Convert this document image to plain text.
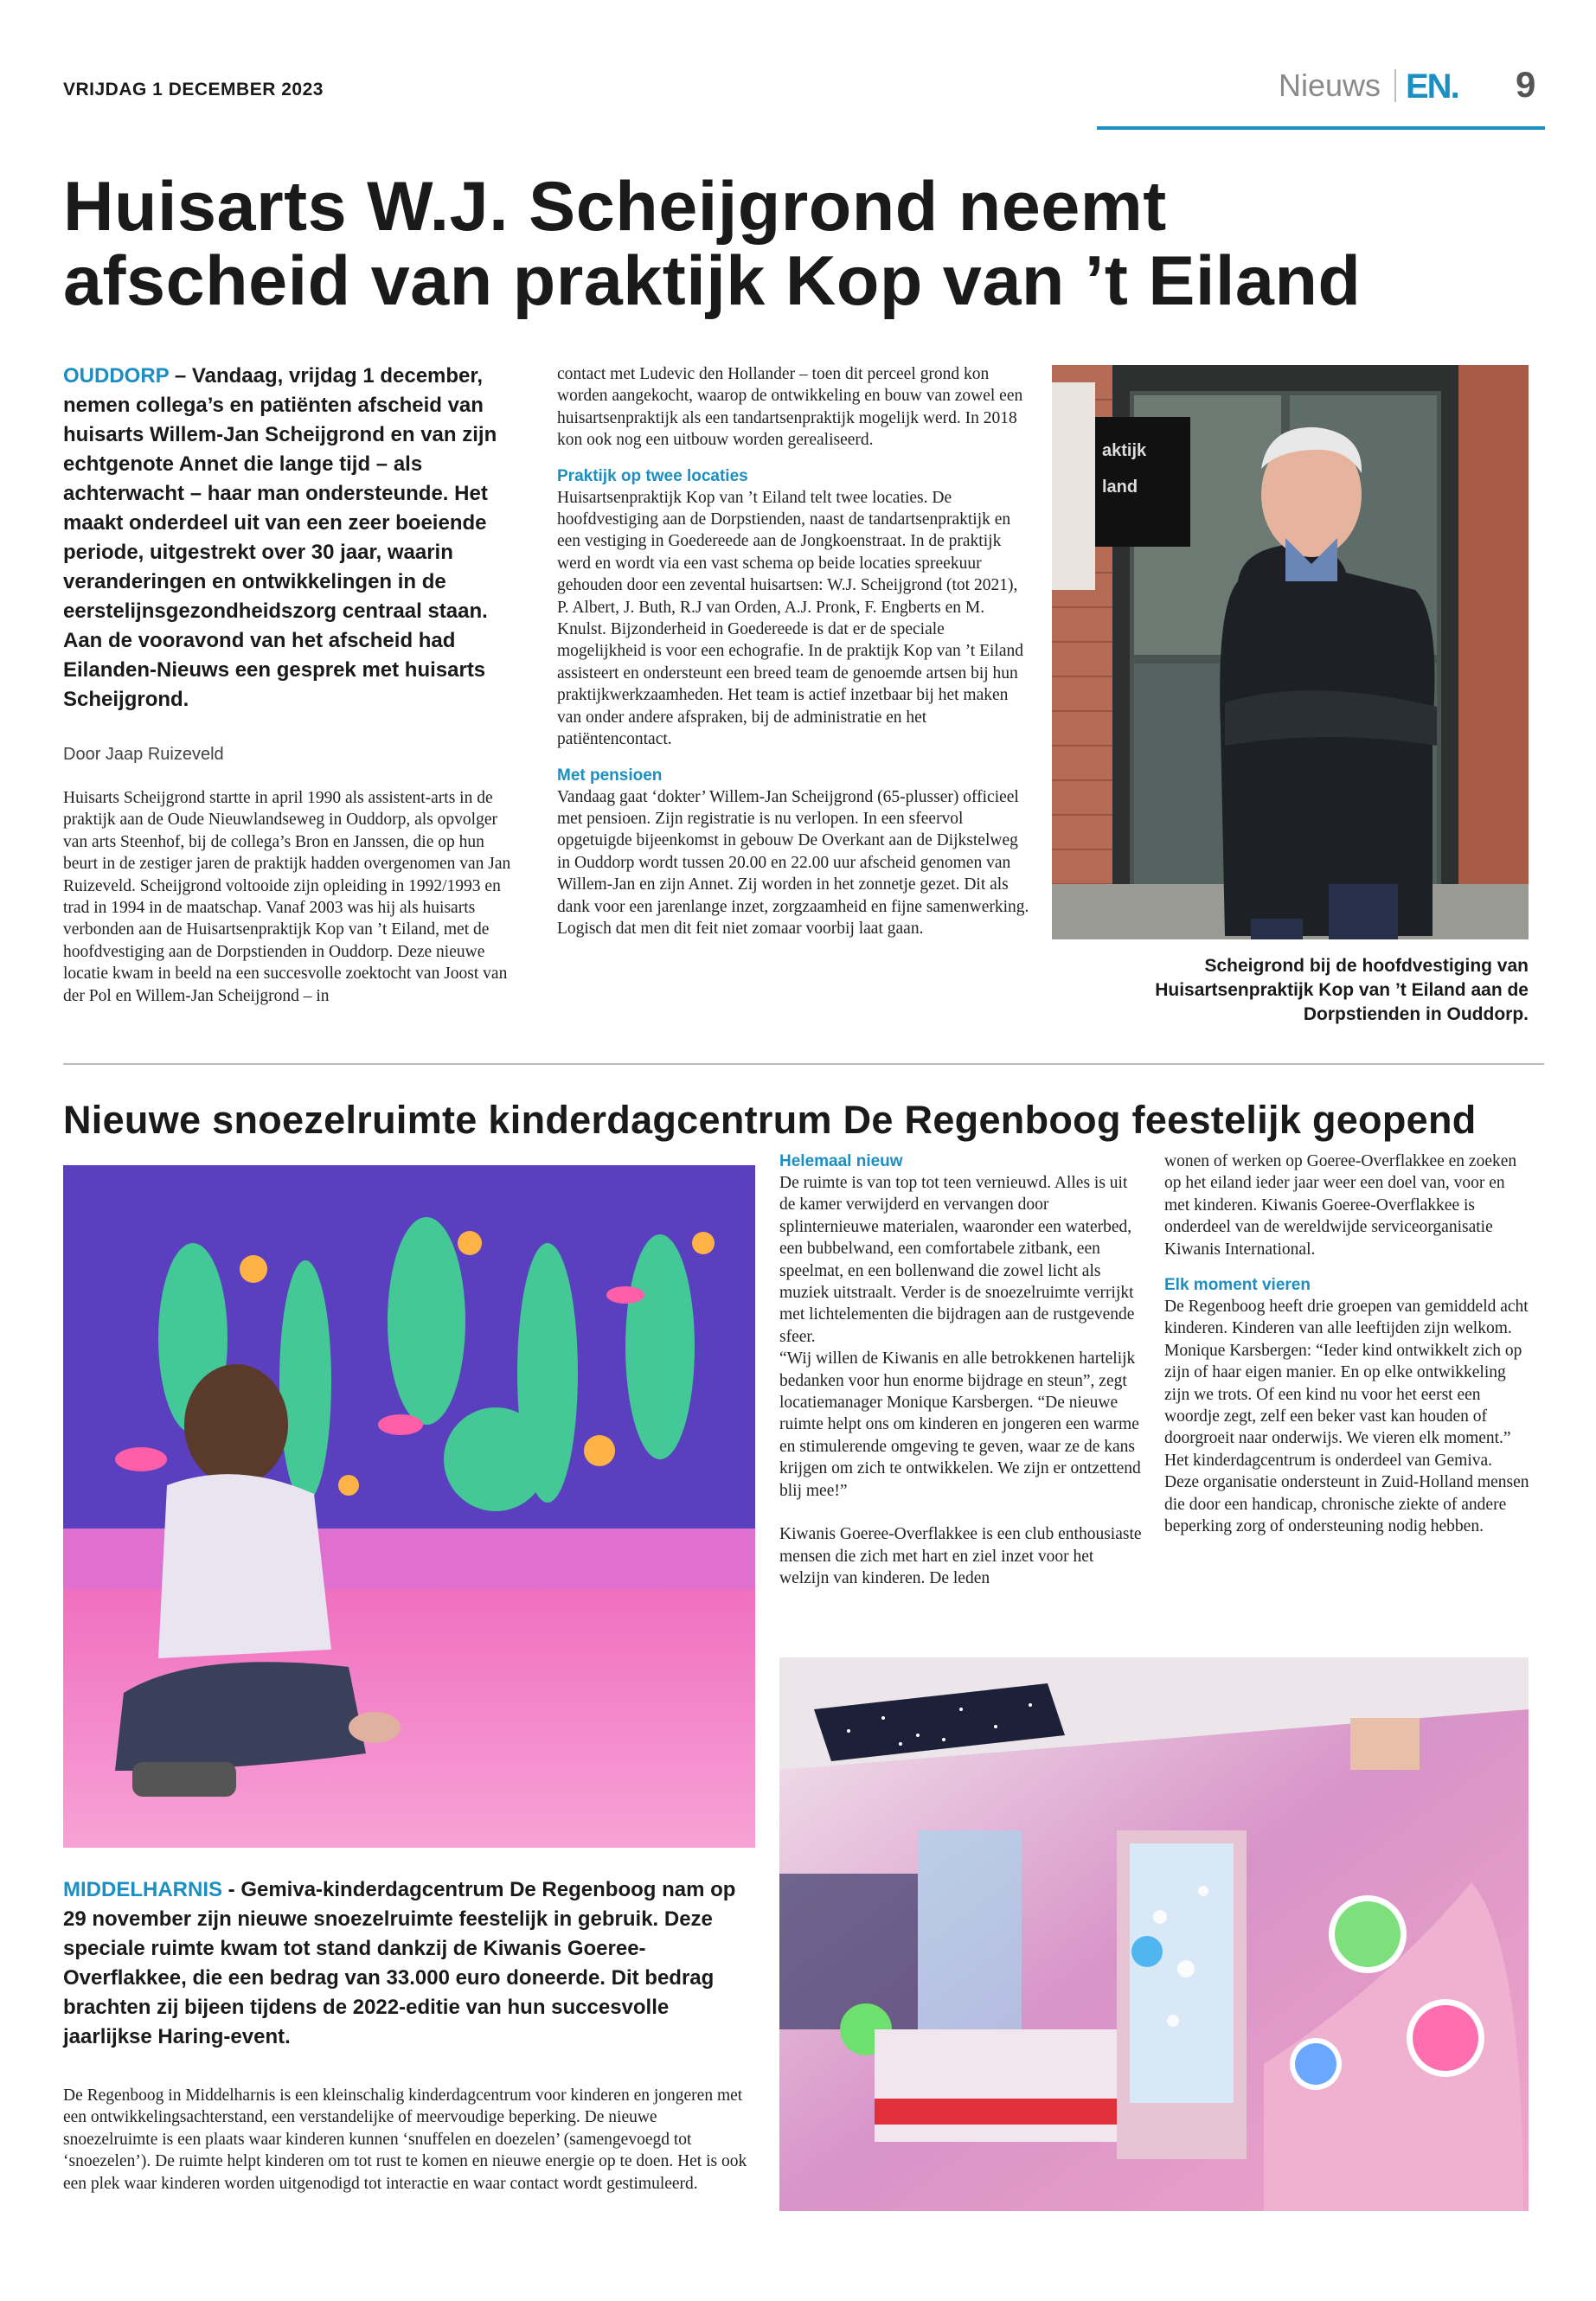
VRIJDAG 1 DECEMBER 2023	Nieuws EN. 9
Huisarts W.J. Scheijgrond neemt
afscheid van praktijk Kop van ’t Eiland
OUDDORP – Vandaag, vrijdag 1 december, nemen collega’s en patiënten afscheid van huisarts Willem-Jan Scheijgrond en van zijn echtgenote Annet die lange tijd – als achterwacht – haar man ondersteunde. Het maakt onderdeel uit van een zeer boeiende periode, uitgestrekt over 30 jaar, waarin veranderingen en ontwikkelingen in de eerstelijnsgezondheidszorg centraal staan. Aan de vooravond van het afscheid had Eilanden-Nieuws een gesprek met huisarts Scheijgrond.
Door Jaap Ruizeveld

Huisarts Scheijgrond startte in april 1990 als assistent-arts in de praktijk aan de Oude Nieuwlandseweg in Ouddorp, als opvolger van arts Steenhof, bij de collega’s Bron en Janssen, die op hun beurt in de zestiger jaren de praktijk hadden overgenomen van Jan Ruizeveld. Scheijgrond voltooide zijn opleiding in 1992/1993 en trad in 1994 in de maatschap. Vanaf 2003 was hij als huisarts verbonden aan de Huisartsenpraktijk Kop van ’t Eiland, met de hoofdvestiging aan de Dorpstienden in Ouddorp. Deze nieuwe locatie kwam in beeld na een succesvolle zoektocht van Joost van der Pol en Willem-Jan Scheijgrond – in

contact met Ludevic den Hollander – toen dit perceel grond kon worden aangekocht, waarop de ontwikkeling en bouw van zowel een huisartsenpraktijk als een tandartsenpraktijk mogelijk werd. In 2018 kon ook nog een uitbouw worden gerealiseerd.

Praktijk op twee locaties

Huisartsenpraktijk Kop van ’t Eiland telt twee locaties. De hoofdvestiging aan de Dorpstienden, naast de tandartsenpraktijk en een vestiging in Goedereede aan de Jongkoenstraat. In de praktijk werd en wordt via een vast schema op beide locaties spreekuur gehouden door een zevental huisartsen: W.J. Scheijgrond (tot 2021), P. Albert, J. Buth, R.J van Orden, A.J. Pronk, F. Engberts en M. Knulst. Bijzonderheid in Goedereede is dat er de speciale mogelijkheid is voor een echografie. In de praktijk Kop van ’t Eiland assisteert en ondersteunt een breed team de genoemde artsen bij hun praktijkwerkzaamheden. Het team is actief inzetbaar bij het maken van onder andere afspraken, bij de administratie en het patiëntencontact.

Met pensioen

Vandaag gaat ‘dokter’ Willem-Jan Scheijgrond (65-plusser) officieel met pensioen. Zijn registratie is nu verlopen. In een sfeervol opgetuigde bijeenkomst in gebouw De Overkant aan de Dijkstelweg in Ouddorp wordt tussen 20.00 en 22.00 uur afscheid genomen van Willem-Jan en zijn Annet. Zij worden in het zonnetje gezet. Dit als dank voor een jarenlange inzet, zorgzaamheid en fijne samenwerking. Logisch dat men dit feit niet zomaar voorbij laat gaan.

aktijk
land
Scheigrond bij de hoofdvestiging van Huisartsenpraktijk Kop van ’t Eiland aan de Dorpstienden in Ouddorp.
Nieuwe snoezelruimte kinderdagcentrum De Regenboog feestelijk geopend
MIDDELHARNIS - Gemiva-kinderdagcentrum De Regenboog nam op 29 november zijn nieuwe snoezelruimte feestelijk in gebruik. Deze speciale ruimte kwam tot stand dankzij de Kiwanis Goeree-Overflakkee, die een bedrag van 33.000 euro doneerde. Dit bedrag brachten zij bijeen tijdens de 2022-editie van hun succesvolle jaarlijkse Haring-event.

De Regenboog in Middelharnis is een kleinschalig kinderdagcentrum voor kinderen en jongeren met een ontwikkelingsachterstand, een verstandelijke of meervoudige beperking. De nieuwe snoezelruimte is een plaats waar kinderen kunnen ‘snuffelen en doezelen’ (samengevoegd tot ‘snoezelen’). De ruimte helpt kinderen om tot rust te komen en nieuwe energie op te doen. Het is ook een plek waar kinderen worden uitgenodigd tot interactie en waar contact wordt gestimuleerd.

Helemaal nieuw

De ruimte is van top tot teen vernieuwd. Alles is uit de kamer verwijderd en vervangen door splinternieuwe materialen, waaronder een waterbed, een bubbelwand, een comfortabele zitbank, een speelmat, en een bollenwand die zowel licht als muziek uitstraalt. Verder is de snoezelruimte verrijkt met lichtelementen die bijdragen aan de rustgevende sfeer.

“Wij willen de Kiwanis en alle betrokkenen hartelijk bedanken voor hun enorme bijdrage en steun”, zegt locatiemanager Monique Karsbergen. “De nieuwe ruimte helpt ons om kinderen en jongeren een warme en stimulerende omgeving te geven, waar ze de kans krijgen om zich te ontwikkelen. We zijn er ontzettend blij mee!”

Kiwanis Goeree-Overflakkee is een club enthousiaste mensen die zich met hart en ziel inzet voor het welzijn van kinderen. De leden

wonen of werken op Goeree-Overflakkee en zoeken op het eiland ieder jaar weer een doel van, voor en met kinderen. Kiwanis Goeree-Overflakkee is onderdeel van de wereldwijde serviceorganisatie Kiwanis International.

Elk moment vieren

De Regenboog heeft drie groepen van gemiddeld acht kinderen. Kinderen van alle leeftijden zijn welkom. Monique Karsbergen: “Ieder kind ontwikkelt zich op zijn of haar eigen manier. En op elke ontwikkeling zijn we trots. Of een kind nu voor het eerst een woordje zegt, zelf een beker vast kan houden of doorgroeit naar onderwijs. We vieren elk moment.”

Het kinderdagcentrum is onderdeel van Gemiva. Deze organisatie ondersteunt in Zuid-Holland mensen die door een handicap, chronische ziekte of andere beperking zorg of ondersteuning nodig hebben.
